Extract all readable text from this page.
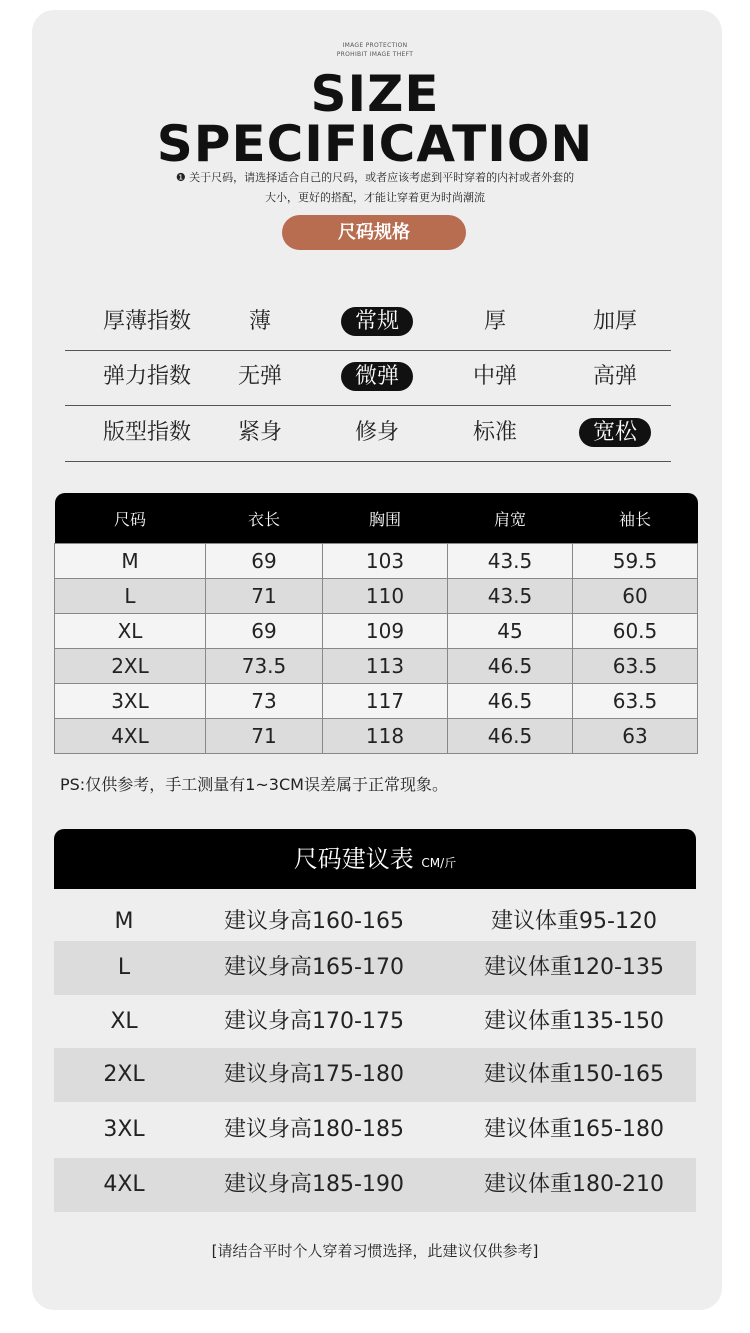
IMAGE PROTECTION
PROHIBIT IMAGE THEFT
SIZE
SPECIFICATION
❶ 关于尺码，请选择适合自己的尺码，或者应该考虑到平时穿着的内衬或者外套的
大小，更好的搭配，才能让穿着更为时尚潮流
尺码规格
厚薄指数	薄	常规	厚	加厚
弹力指数	无弹	微弹	中弹	高弹
版型指数	紧身	修身	标准	宽松
尺码	衣长	胸围	肩宽	袖长
M	69	103	43.5	59.5
L	71	110	43.5	60
XL	69	109	45	60.5
2XL	73.5	113	46.5	63.5
3XL	73	117	46.5	63.5
4XL	71	118	46.5	63
PS:仅供参考，手工测量有1~3CM误差属于正常现象。
尺码建议表 CM/斤
M	建议身高160-165	建议体重95-120
L	建议身高165-170	建议体重120-135
XL	建议身高170-175	建议体重135-150
2XL	建议身高175-180	建议体重150-165
3XL	建议身高180-185	建议体重165-180
4XL	建议身高185-190	建议体重180-210
[请结合平时个人穿着习惯选择，此建议仅供参考]
